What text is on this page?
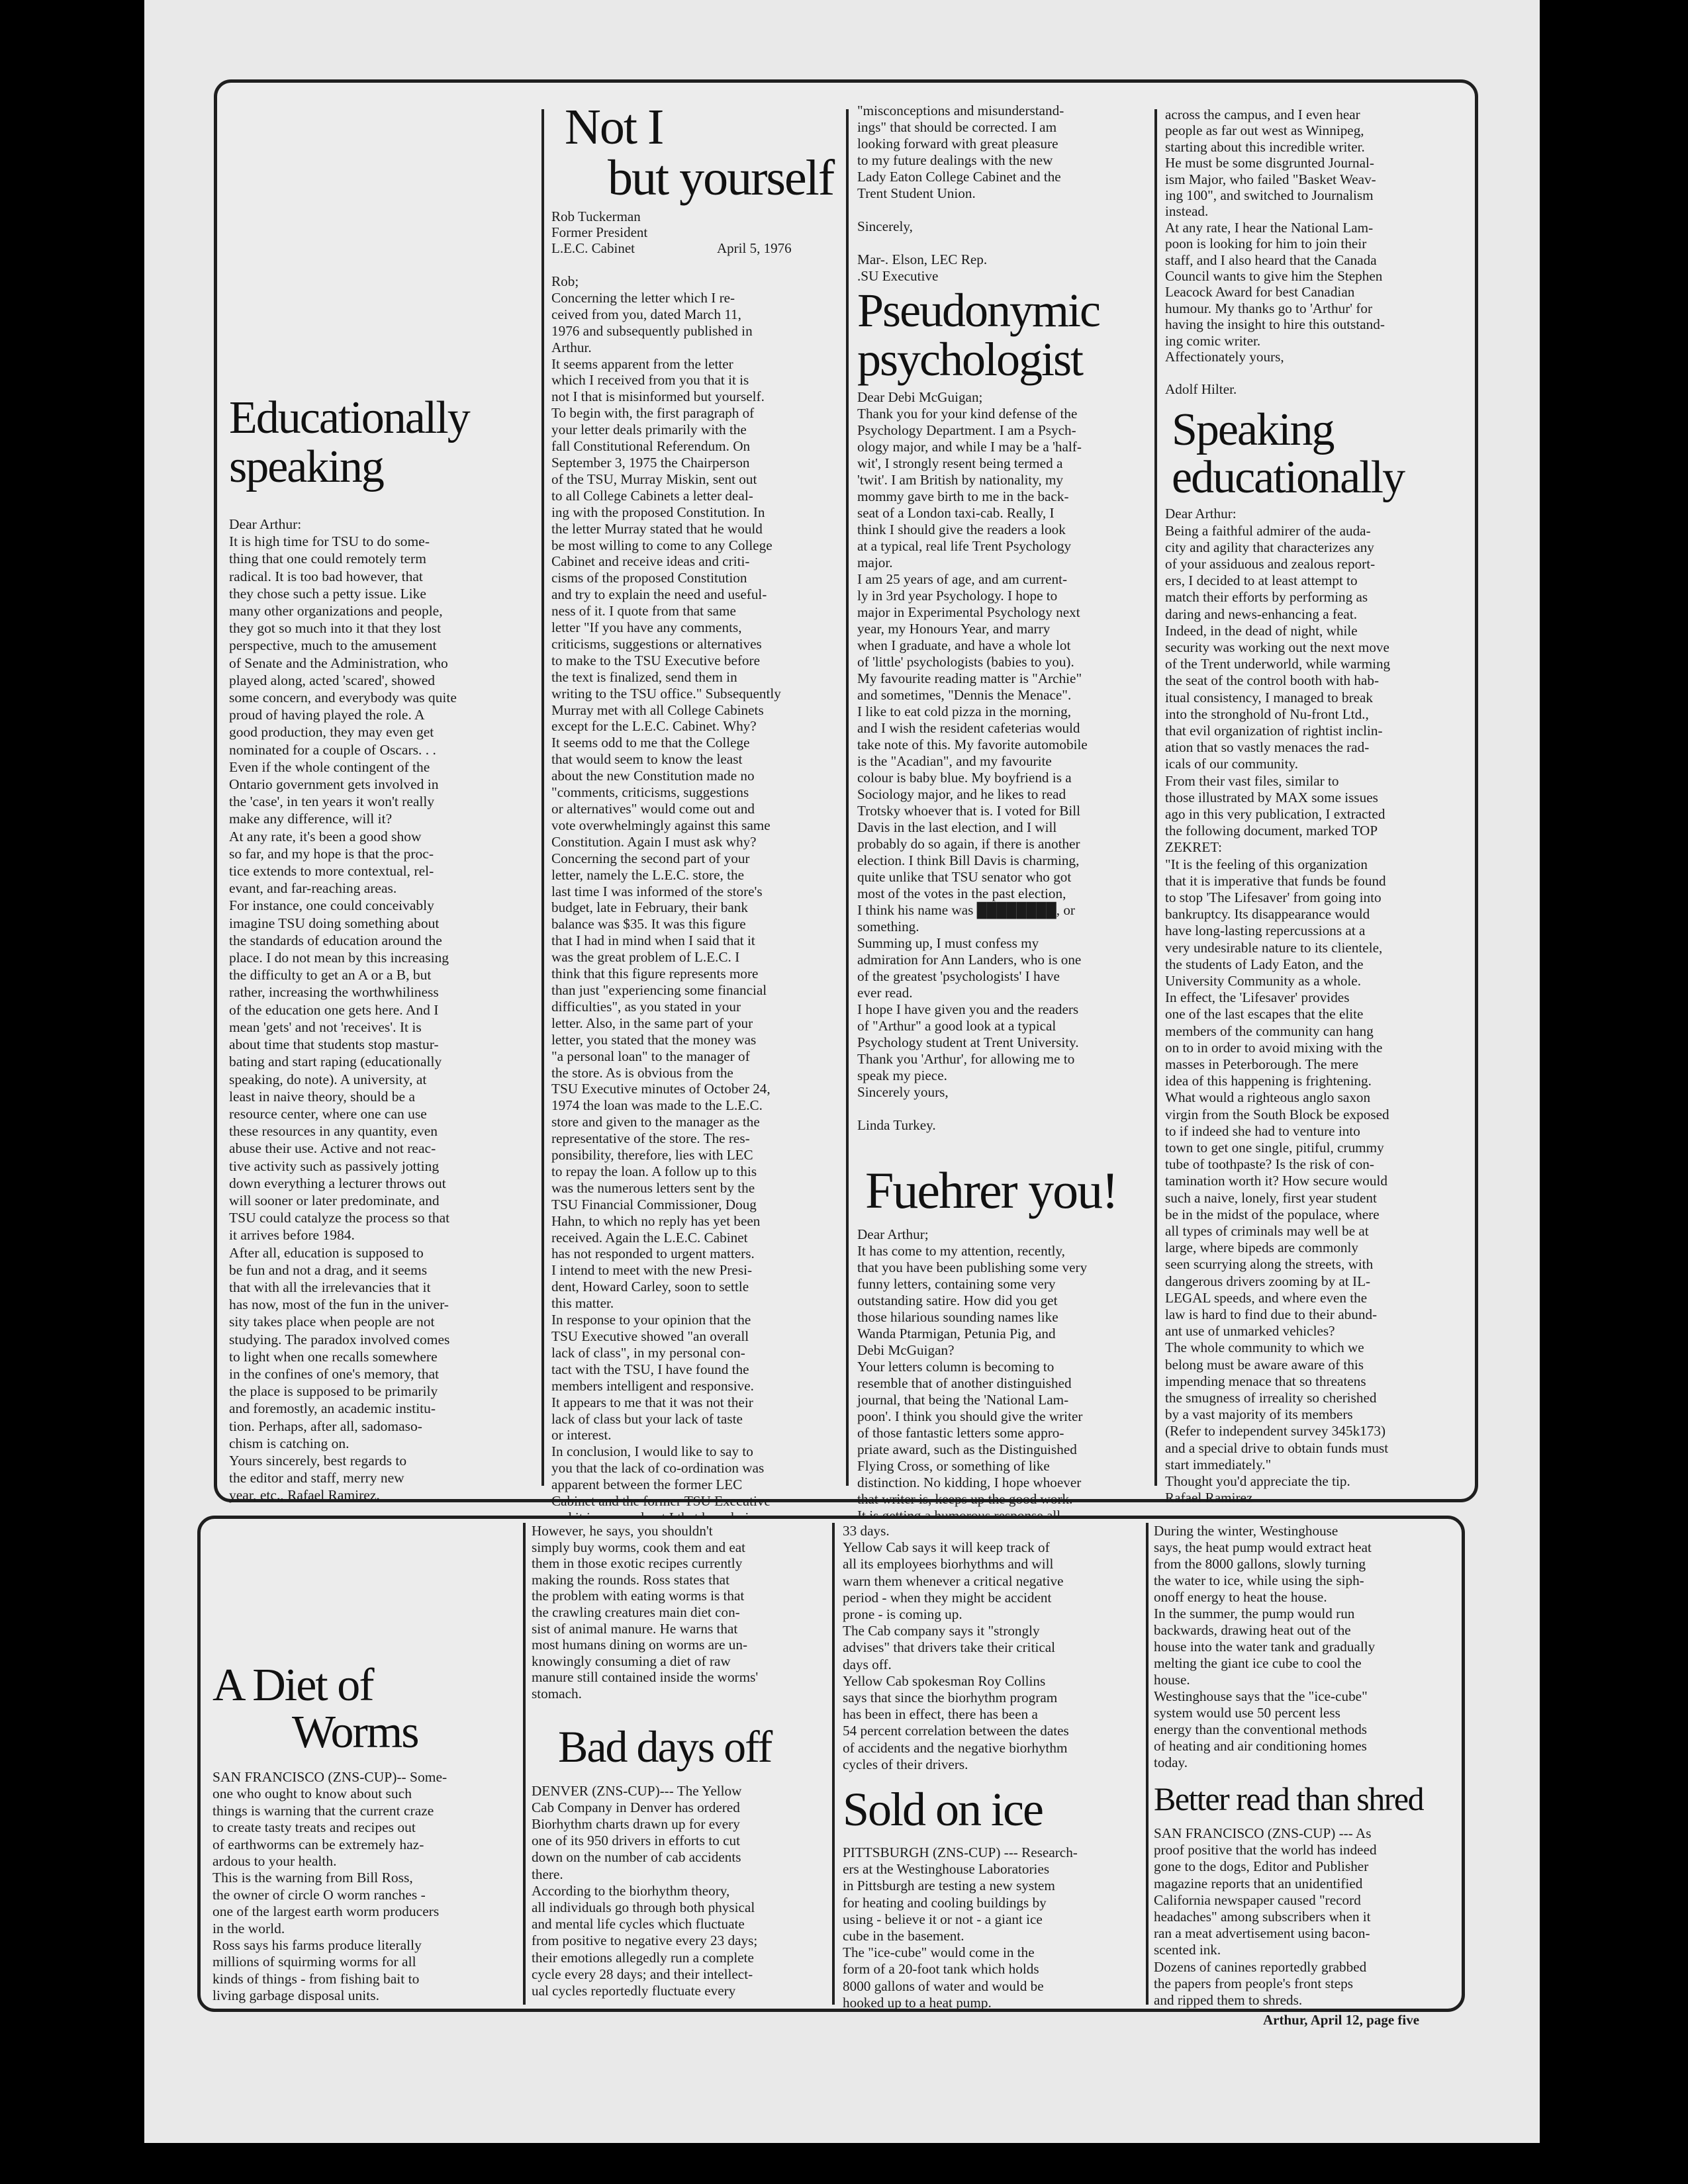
Educationally
speaking

Dear Arthur:
It is high time for TSU to do some-
thing that one could remotely term
radical. It is too bad however, that
they chose such a petty issue. Like
many other organizations and people,
they got so much into it that they lost
perspective, much to the amusement
of Senate and the Administration, who
played along, acted 'scared', showed
some concern, and everybody was quite
proud of having played the role. A
good production, they may even get
nominated for a couple of Oscars. . .
Even if the whole contingent of the
Ontario government gets involved in
the 'case', in ten years it won't really
make any difference, will it?
At any rate, it's been a good show
so far, and my hope is that the proc-
tice extends to more contextual, rel-
evant, and far-reaching areas.
For instance, one could conceivably
imagine TSU doing something about
the standards of education around the
place. I do not mean by this increasing
the difficulty to get an A or a B, but
rather, increasing the worthwhiliness
of the education one gets here. And I
mean 'gets' and not 'receives'. It is
about time that students stop mastur-
bating and start raping (educationally
speaking, do note). A university, at
least in naive theory, should be a
resource center, where one can use
these resources in any quantity, even
abuse their use. Active and not reac-
tive activity such as passively jotting
down everything a lecturer throws out
will sooner or later predominate, and
TSU could catalyze the process so that
it arrives before 1984.
After all, education is supposed to
be fun and not a drag, and it seems
that with all the irrelevancies that it
has now, most of the fun in the univer-
sity takes place when people are not
studying. The paradox involved comes
to light when one recalls somewhere
in the confines of one's memory, that
the place is supposed to be primarily
and foremostly, an academic institu-
tion. Perhaps, after all, sadomaso-
chism is catching on.
Yours sincerely, best regards to
the editor and staff, merry new
year, etc., Rafael Ramirez.

Not I
but yourself

Rob Tuckerman
Former President
L.E.C. Cabinet	April 5, 1976

Rob;
Concerning the letter which I re-
ceived from you, dated March 11,
1976 and subsequently published in
Arthur.
It seems apparent from the letter
which I received from you that it is
not I that is misinformed but yourself.
To begin with, the first paragraph of
your letter deals primarily with the
fall Constitutional Referendum. On
September 3, 1975 the Chairperson
of the TSU, Murray Miskin, sent out
to all College Cabinets a letter deal-
ing with the proposed Constitution. In
the letter Murray stated that he would
be most willing to come to any College
Cabinet and receive ideas and criti-
cisms of the proposed Constitution
and try to explain the need and useful-
ness of it. I quote from that same
letter "If you have any comments,
criticisms, suggestions or alternatives
to make to the TSU Executive before
the text is finalized, send them in
writing to the TSU office." Subsequently
Murray met with all College Cabinets
except for the L.E.C. Cabinet. Why?
It seems odd to me that the College
that would seem to know the least
about the new Constitution made no
"comments, criticisms, suggestions
or alternatives" would come out and
vote overwhelmingly against this same
Constitution. Again I must ask why?
Concerning the second part of your
letter, namely the L.E.C. store, the
last time I was informed of the store's
budget, late in February, their bank
balance was $35. It was this figure
that I had in mind when I said that it
was the great problem of L.E.C. I
think that this figure represents more
than just "experiencing some financial
difficulties", as you stated in your
letter. Also, in the same part of your
letter, you stated that the money was
"a personal loan" to the manager of
the store. As is obvious from the
TSU Executive minutes of October 24,
1974 the loan was made to the L.E.C.
store and given to the manager as the
representative of the store. The res-
ponsibility, therefore, lies with LEC
to repay the loan. A follow up to this
was the numerous letters sent by the
TSU Financial Commissioner, Doug
Hahn, to which no reply has yet been
received. Again the L.E.C. Cabinet
has not responded to urgent matters.
I intend to meet with the new Presi-
dent, Howard Carley, soon to settle
this matter.
In response to your opinion that the
TSU Executive showed "an overall
lack of class", in my personal con-
tact with the TSU, I have found the
members intelligent and responsive.
It appears to me that it was not their
lack of class but your lack of taste
or interest.
In conclusion, I would like to say to
you that the lack of co-ordination was
apparent between the former LEC
Cabinet and the former TSU Executive

"misconceptions and misunderstand-
ings" that should be corrected. I am
looking forward with great pleasure
to my future dealings with the new
Lady Eaton College Cabinet and the
Trent Student Union.

Sincerely,

Mar-. Elson, LEC Rep.
.SU Executive

Pseudonymic
psychologist

Dear Debi McGuigan;
Thank you for your kind defense of the
Psychology Department. I am a Psych-
ology major, and while I may be a 'half-
wit', I strongly resent being termed a
'twit'. I am British by nationality, my
mommy gave birth to me in the back-
seat of a London taxi-cab. Really, I
think I should give the readers a look
at a typical, real life Trent Psychology
major.
I am 25 years of age, and am current-
ly in 3rd year Psychology. I hope to
major in Experimental Psychology next
year, my Honours Year, and marry
when I graduate, and have a whole lot
of 'little' psychologists (babies to you).
My favourite reading matter is "Archie"
and sometimes, "Dennis the Menace".
I like to eat cold pizza in the morning,
and I wish the resident cafeterias would
take note of this. My favorite automobile
is the "Acadian", and my favourite
colour is baby blue. My boyfriend is a
Sociology major, and he likes to read
Trotsky whoever that is. I voted for Bill
Davis in the last election, and I will
probably do so again, if there is another
election. I think Bill Davis is charming,
quite unlike that TSU senator who got
most of the votes in the past election,
I think his name was ████████, or
something.
Summing up, I must confess my
admiration for Ann Landers, who is one
of the greatest 'psychologists' I have
ever read.
I hope I have given you and the readers
of "Arthur" a good look at a typical
Psychology student at Trent University.
Thank you 'Arthur', for allowing me to
speak my piece.
Sincerely yours,

Linda Turkey.

Fuehrer you!

Dear Arthur;
It has come to my attention, recently,
that you have been publishing some very
funny letters, containing some very
outstanding satire. How did you get
those hilarious sounding names like
Wanda Ptarmigan, Petunia Pig, and
Debi McGuigan?
Your letters column is becoming to
resemble that of another distinguished
journal, that being the 'National Lam-
poon'. I think you should give the writer
of those fantastic letters some appro-
priate award, such as the Distinguished
Flying Cross, or something of like
distinction. No kidding, I hope whoever
that writer is, keeps up the good work.

across the campus, and I even hear
people as far out west as Winnipeg,
starting about this incredible writer.
He must be some disgrunted Journal-
ism Major, who failed "Basket Weav-
ing 100", and switched to Journalism
instead.
At any rate, I hear the National Lam-
poon is looking for him to join their
staff, and I also heard that the Canada
Council wants to give him the Stephen
Leacock Award for best Canadian
humour. My thanks go to 'Arthur' for
having the insight to hire this outstand-
ing comic writer.
Affectionately yours,

Adolf Hilter.

Speaking
educationally

Dear Arthur:
Being a faithful admirer of the auda-
city and agility that characterizes any
of your assiduous and zealous report-
ers, I decided to at least attempt to
match their efforts by performing as
daring and news-enhancing a feat.
Indeed, in the dead of night, while
security was working out the next move
of the Trent underworld, while warming
the seat of the control booth with hab-
itual consistency, I managed to break
into the stronghold of Nu-front Ltd.,
that evil organization of rightist inclin-
ation that so vastly menaces the rad-
icals of our community.
From their vast files, similar to
those illustrated by MAX some issues
ago in this very publication, I extracted
the following document, marked TOP
ZEKRET:
"It is the feeling of this organization
that it is imperative that funds be found
to stop 'The Lifesaver' from going into
bankruptcy. Its disappearance would
have long-lasting repercussions at a
very undesirable nature to its clientele,
the students of Lady Eaton, and the
University Community as a whole.
In effect, the 'Lifesaver' provides
one of the last escapes that the elite
members of the community can hang
on to in order to avoid mixing with the
masses in Peterborough. The mere
idea of this happening is frightening.
What would a righteous anglo saxon
virgin from the South Block be exposed
to if indeed she had to venture into
town to get one single, pitiful, crummy
tube of toothpaste? Is the risk of con-
tamination worth it? How secure would
such a naive, lonely, first year student
be in the midst of the populace, where
all types of criminals may well be at
large, where bipeds are commonly
seen scurrying along the streets, with
dangerous drivers zooming by at IL-
LEGAL speeds, and where even the
law is hard to find due to their abund-
ant use of unmarked vehicles?
The whole community to which we
belong must be aware aware of this
impending menace that so threatens
the smugness of irreality so cherished
by a vast majority of its members
(Refer to independent survey 345k173)
and a special drive to obtain funds must
start immediately."
Thought you'd appreciate the tip.
Rafael Ramirez

A Diet of
Worms

SAN FRANCISCO (ZNS-CUP)-- Some-
one who ought to know about such
things is warning that the current craze
to create tasty treats and recipes out
of earthworms can be extremely haz-
ardous to your health.
This is the warning from Bill Ross,
the owner of circle O worm ranches -
one of the largest earth worm producers
in the world.
Ross says his farms produce literally
millions of squirming worms for all
kinds of things - from fishing bait to
living garbage disposal units.

However, he says, you shouldn't
simply buy worms, cook them and eat
them in those exotic recipes currently
making the rounds. Ross states that
the problem with eating worms is that
the crawling creatures main diet con-
sist of animal manure. He warns that
most humans dining on worms are un-
knowingly consuming a diet of raw
manure still contained inside the worms'
stomach.

Bad days off

DENVER (ZNS-CUP)--- The Yellow
Cab Company in Denver has ordered
Biorhythm charts drawn up for every
one of its 950 drivers in efforts to cut
down on the number of cab accidents
there.
According to the biorhythm theory,
all individuals go through both physical
and mental life cycles which fluctuate
from positive to negative every 23 days;
their emotions allegedly run a complete
cycle every 28 days; and their intellect-
ual cycles reportedly fluctuate every

33 days.
Yellow Cab says it will keep track of
all its employees biorhythms and will
warn them whenever a critical negative
period - when they might be accident
prone - is coming up.
The Cab company says it "strongly
advises" that drivers take their critical
days off.
Yellow Cab spokesman Roy Collins
says that since the biorhythm program
has been in effect, there has been a
54 percent correlation between the dates
of accidents and the negative biorhythm
cycles of their drivers.

Sold on ice

PITTSBURGH (ZNS-CUP) --- Research-
ers at the Westinghouse Laboratories
in Pittsburgh are testing a new system
for heating and cooling buildings by
using - believe it or not - a giant ice
cube in the basement.
The "ice-cube" would come in the
form of a 20-foot tank which holds
8000 gallons of water and would be
hooked up to a heat pump.

During the winter, Westinghouse
says, the heat pump would extract heat
from the 8000 gallons, slowly turning
the water to ice, while using the siph-
onoff energy to heat the house.
In the summer, the pump would run
backwards, drawing heat out of the
house into the water tank and gradually
melting the giant ice cube to cool the
house.
Westinghouse says that the "ice-cube"
system would use 50 percent less
energy than the conventional methods
of heating and air conditioning homes
today.

Better read than shred

SAN FRANCISCO (ZNS-CUP) --- As
proof positive that the world has indeed
gone to the dogs, Editor and Publisher
magazine reports that an unidentified
California newspaper caused "record
headaches" among subscribers when it
ran a meat advertisement using bacon-
scented ink.
Dozens of canines reportedly grabbed
the papers from people's front steps
and ripped them to shreds.

Arthur, April 12, page five
